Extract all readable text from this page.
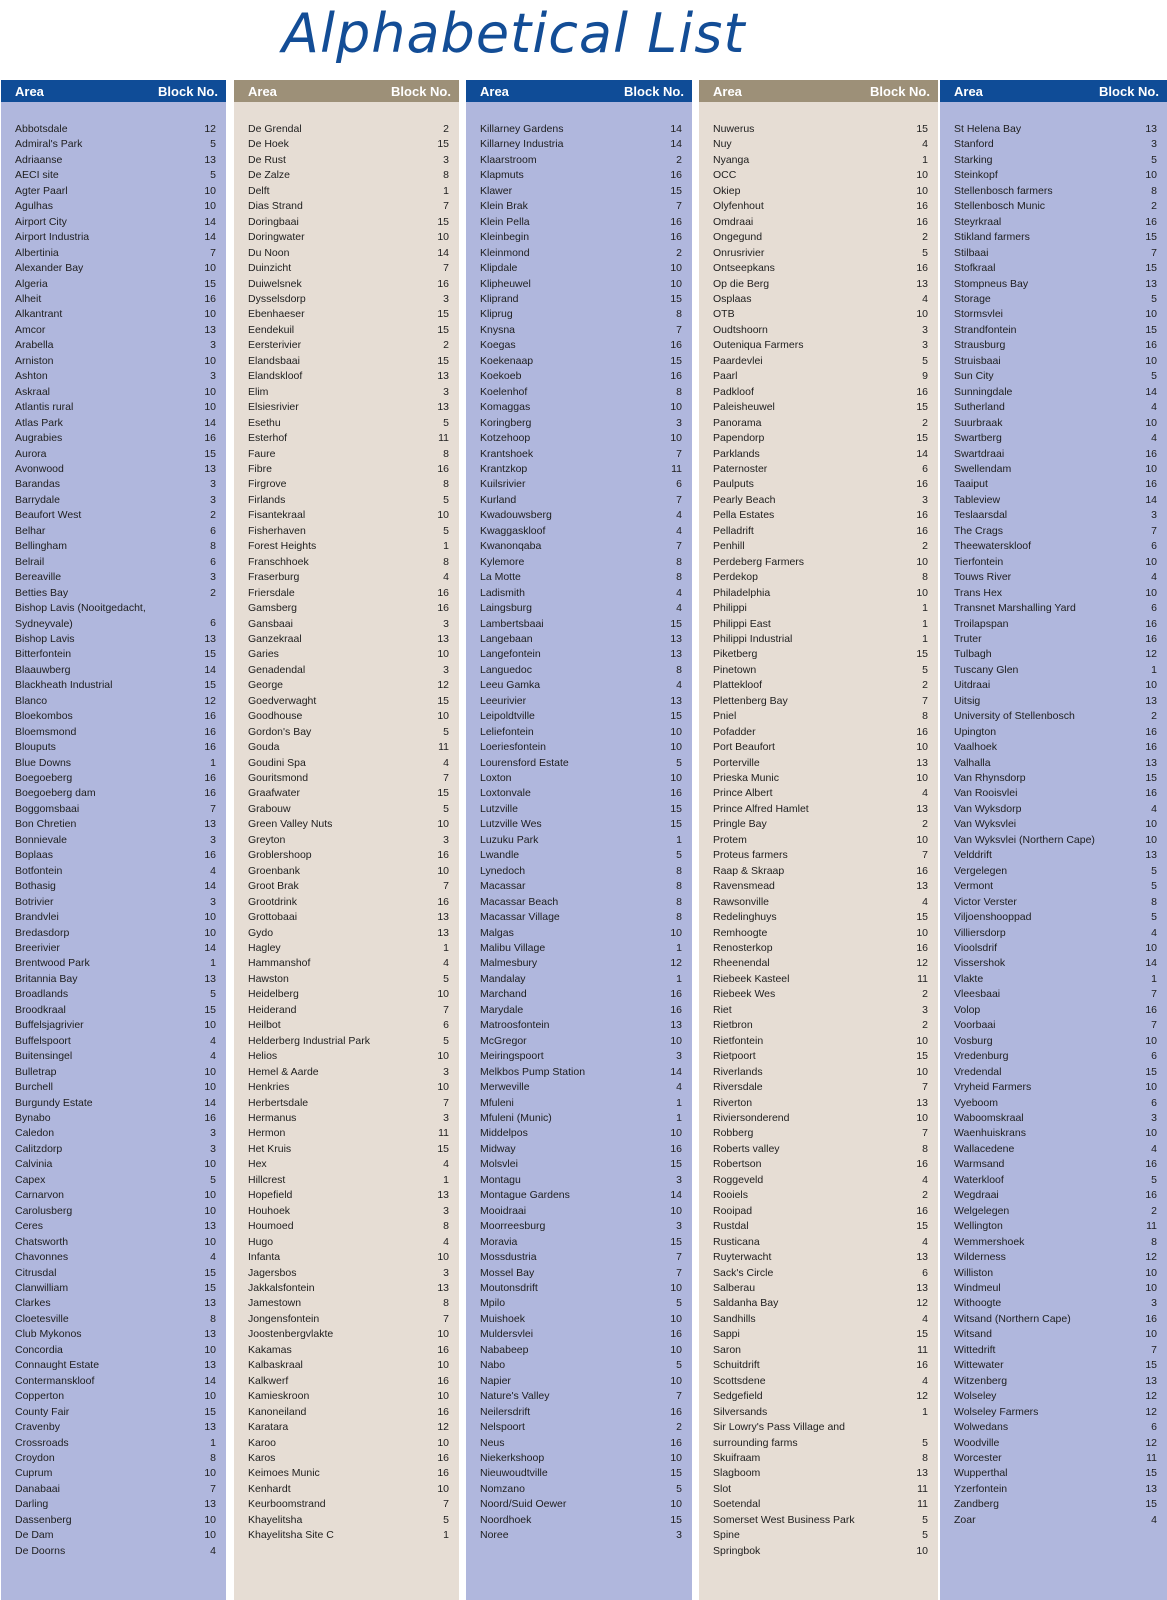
Alphabetical List
Area	Block No.
Abbotsdale	12
Admiral's Park	5
Adriaanse	13
AECI site	5
Agter Paarl	10
Agulhas	10
Airport City	14
Airport Industria	14
Albertinia	7
Alexander Bay	10
Algeria	15
Alheit	16
Alkantrant	10
Amcor	13
Arabella	3
Arniston	10
Ashton	3
Askraal	10
Atlantis rural	10
Atlas Park	14
Augrabies	16
Aurora	15
Avonwood	13
Barandas	3
Barrydale	3
Beaufort West	2
Belhar	6
Bellingham	8
Belrail	6
Bereaville	3
Betties Bay	2
Bishop Lavis (Nooitgedacht, Sydneyvale)	6
Bishop Lavis	13
Bitterfontein	15
Blaauwberg	14
Blackheath Industrial	15
Blanco	12
Bloekombos	16
Bloemsmond	16
Blouputs	16
Blue Downs	1
Boegoeberg	16
Boegoeberg dam	16
Boggomsbaai	7
Bon Chretien	13
Bonnievale	3
Boplaas	16
Botfontein	4
Bothasig	14
Botrivier	3
Brandvlei	10
Bredasdorp	10
Breerivier	14
Brentwood Park	1
Britannia Bay	13
Broadlands	5
Broodkraal	15
Buffelsjagrivier	10
Buffelspoort	4
Buitensingel	4
Bulletrap	10
Burchell	10
Burgundy Estate	14
Bynabo	16
Caledon	3
Calitzdorp	3
Calvinia	10
Capex	5
Carnarvon	10
Carolusberg	10
Ceres	13
Chatsworth	10
Chavonnes	4
Citrusdal	15
Clanwilliam	15
Clarkes	13
Cloetesville	8
Club Mykonos	13
Concordia	10
Connaught Estate	13
Contermanskloof	14
Copperton	10
County Fair	15
Cravenby	13
Crossroads	1
Croydon	8
Cuprum	10
Danabaai	7
Darling	13
Dassenberg	10
De Dam	10
De Doorns	4
Area	Block No.
De Grendal	2
De Hoek	15
De Rust	3
De Zalze	8
Delft	1
Dias Strand	7
Doringbaai	15
Doringwater	10
Du Noon	14
Duinzicht	7
Duiwelsnek	16
Dysselsdorp	3
Ebenhaeser	15
Eendekuil	15
Eersterivier	2
Elandsbaai	15
Elandskloof	13
Elim	3
Elsiesrivier	13
Esethu	5
Esterhof	11
Faure	8
Fibre	16
Firgrove	8
Firlands	5
Fisantekraal	10
Fisherhaven	5
Forest Heights	1
Franschhoek	8
Fraserburg	4
Friersdale	16
Gamsberg	16
Gansbaai	3
Ganzekraal	13
Garies	10
Genadendal	3
George	12
Goedverwaght	15
Goodhouse	10
Gordon's Bay	5
Gouda	11
Goudini Spa	4
Gouritsmond	7
Graafwater	15
Grabouw	5
Green Valley Nuts	10
Greyton	3
Groblershoop	16
Groenbank	10
Groot Brak	7
Grootdrink	16
Grottobaai	13
Gydo	13
Hagley	1
Hammanshof	4
Hawston	5
Heidelberg	10
Heiderand	7
Heilbot	6
Helderberg Industrial Park	5
Helios	10
Hemel & Aarde	3
Henkries	10
Herbertsdale	7
Hermanus	3
Hermon	11
Het Kruis	15
Hex	4
Hillcrest	1
Hopefield	13
Houhoek	3
Houmoed	8
Hugo	4
Infanta	10
Jagersbos	3
Jakkalsfontein	13
Jamestown	8
Jongensfontein	7
Joostenbergvlakte	10
Kakamas	16
Kalbaskraal	10
Kalkwerf	16
Kamieskroon	10
Kanoneiland	16
Karatara	12
Karoo	10
Karos	16
Keimoes Munic	16
Kenhardt	10
Keurboomstrand	7
Khayelitsha	5
Khayelitsha Site C	1
Area	Block No.
Killarney Gardens	14
Killarney Industria	14
Klaarstroom	2
Klapmuts	16
Klawer	15
Klein Brak	7
Klein Pella	16
Kleinbegin	16
Kleinmond	2
Klipdale	10
Klipheuwel	10
Kliprand	15
Kliprug	8
Knysna	7
Koegas	16
Koekenaap	15
Koekoeb	16
Koelenhof	8
Komaggas	10
Koringberg	3
Kotzehoop	10
Krantshoek	7
Krantzkop	11
Kuilsrivier	6
Kurland	7
Kwadouwsberg	4
Kwaggaskloof	4
Kwanonqaba	7
Kylemore	8
La Motte	8
Ladismith	4
Laingsburg	4
Lambertsbaai	15
Langebaan	13
Langefontein	13
Languedoc	8
Leeu Gamka	4
Leeurivier	13
Leipoldtville	15
Leliefontein	10
Loeriesfontein	10
Lourensford Estate	5
Loxton	10
Loxtonvale	16
Lutzville	15
Lutzville Wes	15
Luzuku Park	1
Lwandle	5
Lynedoch	8
Macassar	8
Macassar Beach	8
Macassar Village	8
Malgas	10
Malibu Village	1
Malmesbury	12
Mandalay	1
Marchand	16
Marydale	16
Matroosfontein	13
McGregor	10
Meiringspoort	3
Melkbos Pump Station	14
Merweville	4
Mfuleni	1
Mfuleni (Munic)	1
Middelpos	10
Midway	16
Molsvlei	15
Montagu	3
Montague Gardens	14
Mooidraai	10
Moorreesburg	3
Moravia	15
Mossdustria	7
Mossel Bay	7
Moutonsdrift	10
Mpilo	5
Muishoek	10
Muldersvlei	16
Nababeep	10
Nabo	5
Napier	10
Nature's Valley	7
Neilersdrift	16
Nelspoort	2
Neus	16
Niekerkshoop	10
Nieuwoudtville	15
Nomzano	5
Noord/Suid Oewer	10
Noordhoek	15
Noree	3
Area	Block No.
Nuwerus	15
Nuy	4
Nyanga	1
OCC	10
Okiep	10
Olyfenhout	16
Omdraai	16
Ongegund	2
Onrusrivier	5
Ontseepkans	16
Op die Berg	13
Osplaas	4
OTB	10
Oudtshoorn	3
Outeniqua Farmers	3
Paardevlei	5
Paarl	9
Padkloof	16
Paleisheuwel	15
Panorama	2
Papendorp	15
Parklands	14
Paternoster	6
Paulputs	16
Pearly Beach	3
Pella Estates	16
Pelladrift	16
Penhill	2
Perdeberg Farmers	10
Perdekop	8
Philadelphia	10
Philippi	1
Philippi East	1
Philippi Industrial	1
Piketberg	15
Pinetown	5
Plattekloof	2
Plettenberg Bay	7
Pniel	8
Pofadder	16
Port Beaufort	10
Porterville	13
Prieska Munic	10
Prince Albert	4
Prince Alfred Hamlet	13
Pringle Bay	2
Protem	10
Proteus farmers	7
Raap & Skraap	16
Ravensmead	13
Rawsonville	4
Redelinghuys	15
Remhoogte	10
Renosterkop	16
Rheenendal	12
Riebeek Kasteel	11
Riebeek Wes	2
Riet	3
Rietbron	2
Rietfontein	10
Rietpoort	15
Riverlands	10
Riversdale	7
Riverton	13
Riviersonderend	10
Robberg	7
Roberts valley	8
Robertson	16
Roggeveld	4
Rooiels	2
Rooipad	16
Rustdal	15
Rusticana	4
Ruyterwacht	13
Sack's Circle	6
Salberau	13
Saldanha Bay	12
Sandhills	4
Sappi	15
Saron	11
Schuitdrift	16
Scottsdene	4
Sedgefield	12
Silversands	1
Sir Lowry's Pass Village and surrounding farms	5
Skuifraam	8
Slagboom	13
Slot	11
Soetendal	11
Somerset West Business Park	5
Spine	5
Springbok	10
Area	Block No.
St Helena Bay	13
Stanford	3
Starking	5
Steinkopf	10
Stellenbosch farmers	8
Stellenbosch Munic	2
Steyrkraal	16
Stikland farmers	15
Stilbaai	7
Stofkraal	15
Stompneus Bay	13
Storage	5
Stormsvlei	10
Strandfontein	15
Strausburg	16
Struisbaai	10
Sun City	5
Sunningdale	14
Sutherland	4
Suurbraak	10
Swartberg	4
Swartdraai	16
Swellendam	10
Taaiput	16
Tableview	14
Teslaarsdal	3
The Crags	7
Theewaterskloof	6
Tierfontein	10
Touws River	4
Trans Hex	10
Transnet Marshalling Yard	6
Troilapspan	16
Truter	16
Tulbagh	12
Tuscany Glen	1
Uitdraai	10
Uitsig	13
University of Stellenbosch	2
Upington	16
Vaalhoek	16
Valhalla	13
Van Rhynsdorp	15
Van Rooisvlei	16
Van Wyksdorp	4
Van Wyksvlei	10
Van Wyksvlei (Northern Cape)	10
Velddrift	13
Vergelegen	5
Vermont	5
Victor Verster	8
Viljoenshooppad	5
Villiersdorp	4
Vioolsdrif	10
Vissershok	14
Vlakte	1
Vleesbaai	7
Volop	16
Voorbaai	7
Vosburg	10
Vredenburg	6
Vredendal	15
Vryheid Farmers	10
Vyeboom	6
Waboomskraal	3
Waenhuiskrans	10
Wallacedene	4
Warmsand	16
Waterkloof	5
Wegdraai	16
Welgelegen	2
Wellington	11
Wemmershoek	8
Wilderness	12
Williston	10
Windmeul	10
Withoogte	3
Witsand (Northern Cape)	16
Witsand	10
Wittedrift	7
Wittewater	15
Witzenberg	13
Wolseley	12
Wolseley Farmers	12
Wolwedans	6
Woodville	12
Worcester	11
Wupperthal	15
Yzerfontein	13
Zandberg	15
Zoar	4
